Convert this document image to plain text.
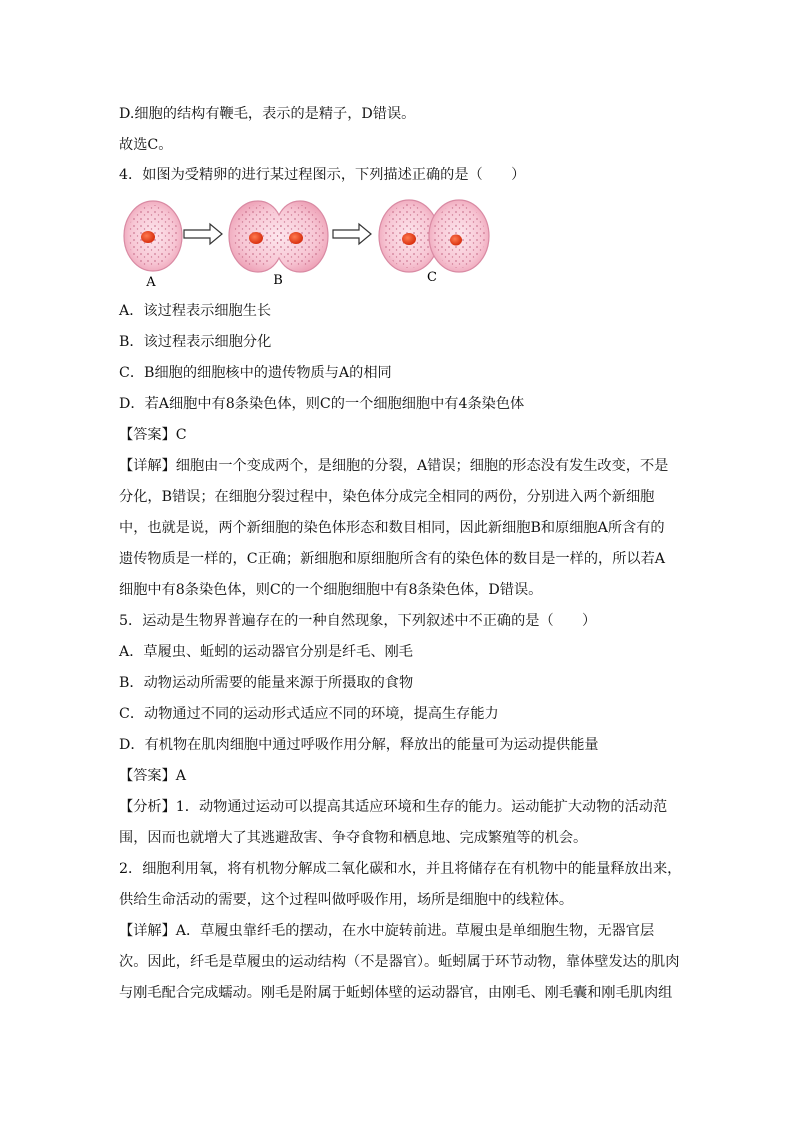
D.细胞的结构有鞭毛，表示的是精子，D错误。
故选C。
4．如图为受精卵的进行某过程图示，下列描述正确的是（　　）
A	B	C
A．该过程表示细胞生长
B．该过程表示细胞分化
C．B细胞的细胞核中的遗传物质与A的相同
D．若A细胞中有8条染色体，则C的一个细胞细胞中有4条染色体
【答案】C
【详解】细胞由一个变成两个，是细胞的分裂，A错误；细胞的形态没有发生改变，不是
分化，B错误；在细胞分裂过程中，染色体分成完全相同的两份，分别进入两个新细胞
中，也就是说，两个新细胞的染色体形态和数目相同，因此新细胞B和原细胞A所含有的
遗传物质是一样的，C正确；新细胞和原细胞所含有的染色体的数目是一样的，所以若A
细胞中有8条染色体，则C的一个细胞细胞中有8条染色体，D错误。
5．运动是生物界普遍存在的一种自然现象，下列叙述中不正确的是（　　）
A．草履虫、蚯蚓的运动器官分别是纤毛、刚毛
B．动物运动所需要的能量来源于所摄取的食物
C．动物通过不同的运动形式适应不同的环境，提高生存能力
D．有机物在肌肉细胞中通过呼吸作用分解，释放出的能量可为运动提供能量
【答案】A
【分析】1．动物通过运动可以提高其适应环境和生存的能力。运动能扩大动物的活动范
围，因而也就增大了其逃避敌害、争夺食物和栖息地、完成繁殖等的机会。
2．细胞利用氧，将有机物分解成二氧化碳和水，并且将储存在有机物中的能量释放出来，
供给生命活动的需要，这个过程叫做呼吸作用，场所是细胞中的线粒体。
【详解】A．草履虫靠纤毛的摆动，在水中旋转前进。草履虫是单细胞生物，无器官层
次。因此，纤毛是草履虫的运动结构（不是器官）。蚯蚓属于环节动物，靠体壁发达的肌肉
与刚毛配合完成蠕动。刚毛是附属于蚯蚓体壁的运动器官，由刚毛、刚毛囊和刚毛肌肉组
